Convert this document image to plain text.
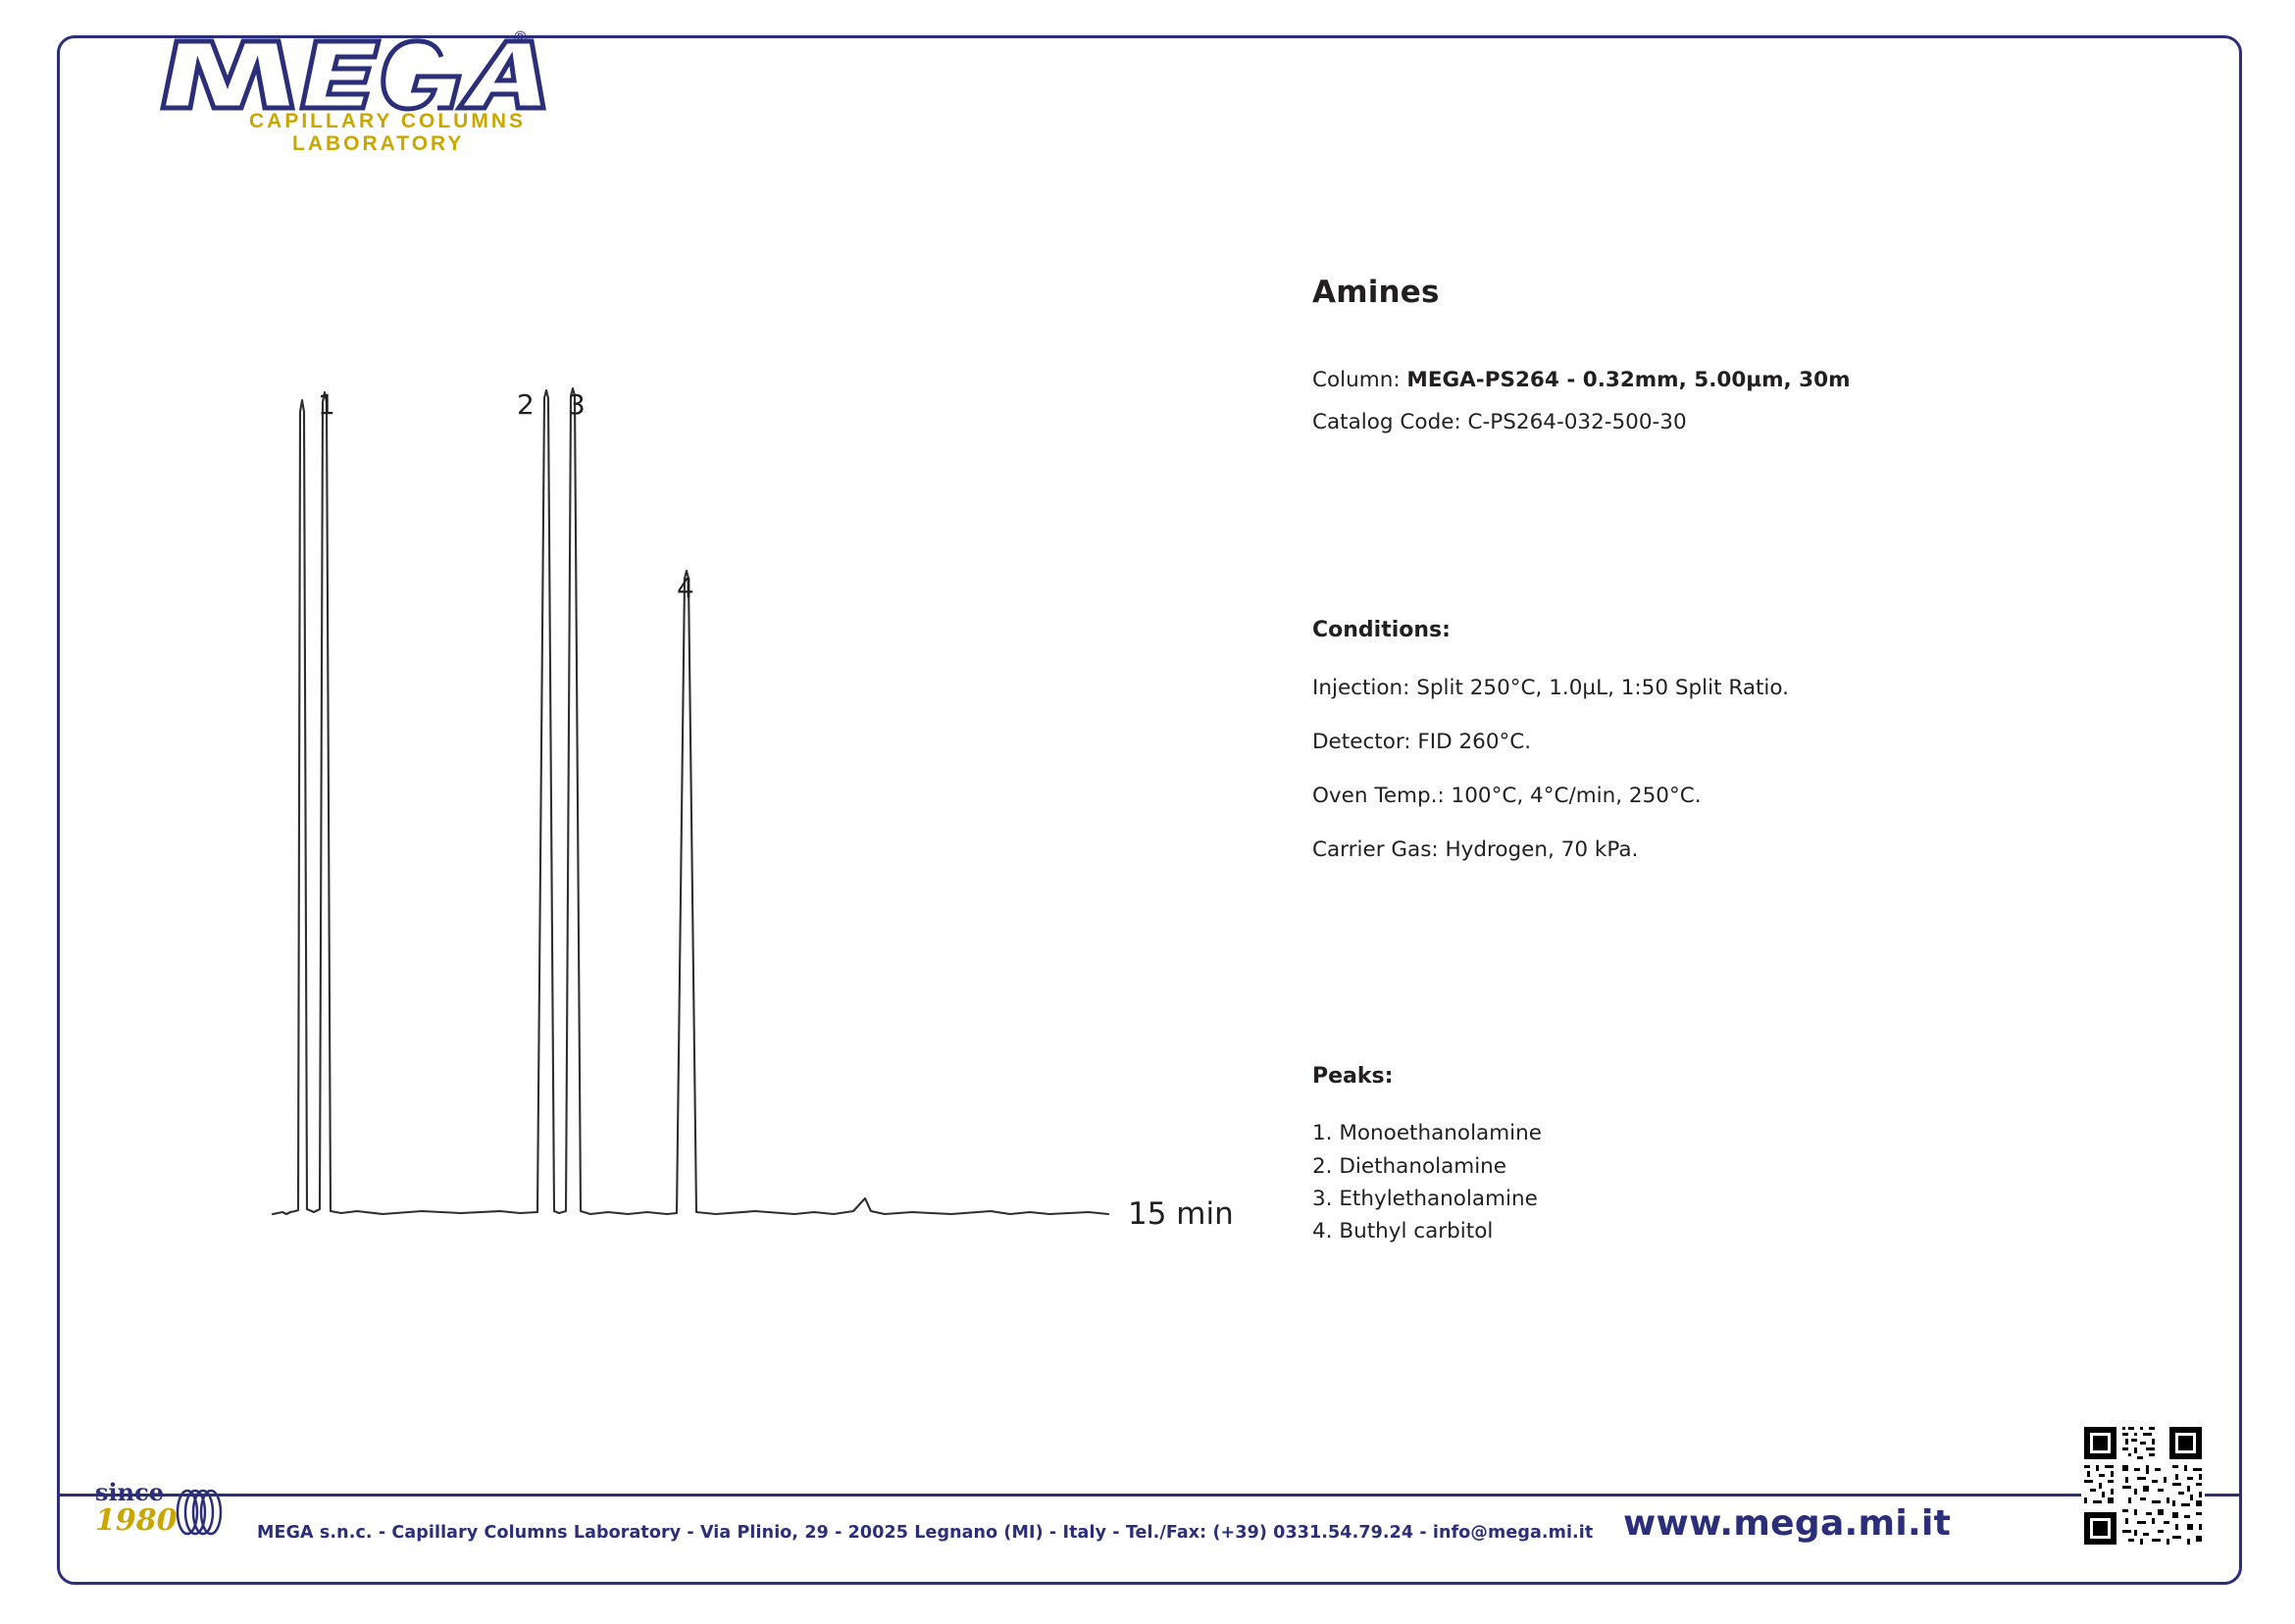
®
CAPILLARY COLUMNS
LABORATORY
1	2 3
4
15 min
Amines

Column: MEGA-PS264 - 0.32mm, 5.00µm, 30m

Catalog Code: C-PS264-032-500-30

Conditions:

Injection: Split 250°C, 1.0µL, 1:50 Split Ratio.

Detector: FID 260°C.

Oven Temp.: 100°C, 4°C/min, 250°C.

Carrier Gas: Hydrogen, 70 kPa.

Peaks:

1. Monoethanolamine

2. Diethanolamine

3. Ethylethanolamine

4. Buthyl carbitol

since
1980	MEGA s.n.c. - Capillary Columns Laboratory - Via Plinio, 29 - 20025 Legnano (MI) - Italy - Tel./Fax: (+39) 0331.54.79.24 - info@mega.mi.it www.mega.mi.it
